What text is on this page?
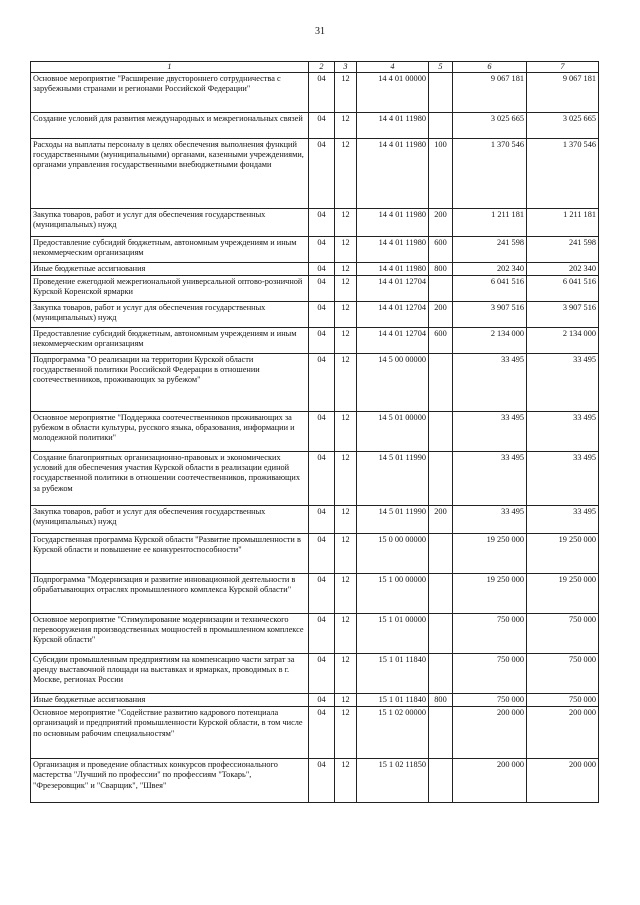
31
1	2	3	4	5	6	7
Основное мероприятие "Расширение двустороннего сотрудничества с зарубежными странами и регионами Российской Федерации"	04	12	14 4 01 00000		9 067 181	9 067 181
Создание условий для развития международных и межрегиональных связей	04	12	14 4 01 11980		3 025 665	3 025 665
Расходы на выплаты персоналу в целях обеспечения выполнения функций государственными (муниципальными) органами, казенными учреждениями, органами управления государственными внебюджетными фондами	04	12	14 4 01 11980	100	1 370 546	1 370 546
Закупка товаров, работ и услуг для обеспечения государственных (муниципальных) нужд	04	12	14 4 01 11980	200	1 211 181	1 211 181
Предоставление субсидий бюджетным, автономным учреждениям и иным некоммерческим организациям	04	12	14 4 01 11980	600	241 598	241 598
Иные бюджетные ассигнования	04	12	14 4 01 11980	800	202 340	202 340
Проведение ежегодной межрегиональной универсальной оптово-розничной Курской Коренской ярмарки	04	12	14 4 01 12704		6 041 516	6 041 516
Закупка товаров, работ и услуг для обеспечения государственных (муниципальных) нужд	04	12	14 4 01 12704	200	3 907 516	3 907 516
Предоставление субсидий бюджетным, автономным учреждениям и иным некоммерческим организациям	04	12	14 4 01 12704	600	2 134 000	2 134 000
Подпрограмма "О реализации на территории Курской области государственной политики Российской Федерации в отношении соотечественников, проживающих за рубежом"	04	12	14 5 00 00000		33 495	33 495
Основное мероприятие "Поддержка соотечественников проживающих за рубежом в области культуры, русского языка, образования, информации и молодежной политики"	04	12	14 5 01 00000		33 495	33 495
Создание благоприятных организационно-правовых и экономических условий для обеспечения участия Курской области в реализации единой государственной политики в отношении соотечественников, проживающих за рубежом	04	12	14 5 01 11990		33 495	33 495
Закупка товаров, работ и услуг для обеспечения государственных (муниципальных) нужд	04	12	14 5 01 11990	200	33 495	33 495
Государственная программа Курской области "Развитие промышленности в Курской области и повышение ее конкурентоспособности"	04	12	15 0 00 00000		19 250 000	19 250 000
Подпрограмма "Модернизация и развитие инновационной деятельности в обрабатывающих отраслях промышленного комплекса Курской области"	04	12	15 1 00 00000		19 250 000	19 250 000
Основное мероприятие "Стимулирование модернизации и технического перевооружения производственных мощностей в промышленном комплексе Курской области"	04	12	15 1 01 00000		750 000	750 000
Субсидии промышленным предприятиям на компенсацию части затрат за аренду выставочной площади на выставках и ярмарках, проводимых в г. Москве, регионах России	04	12	15 1 01 11840		750 000	750 000
Иные бюджетные ассигнования	04	12	15 1 01 11840	800	750 000	750 000
Основное мероприятие "Содействие развитию кадрового потенциала организаций и предприятий промышленности Курской области, в том числе по основным рабочим специальностям"	04	12	15 1 02 00000		200 000	200 000
Организация и проведение областных конкурсов профессионального мастерства "Лучший по профессии" по профессиям "Токарь", "Фрезеровщик" и "Сварщик", "Швея"	04	12	15 1 02 11850		200 000	200 000
